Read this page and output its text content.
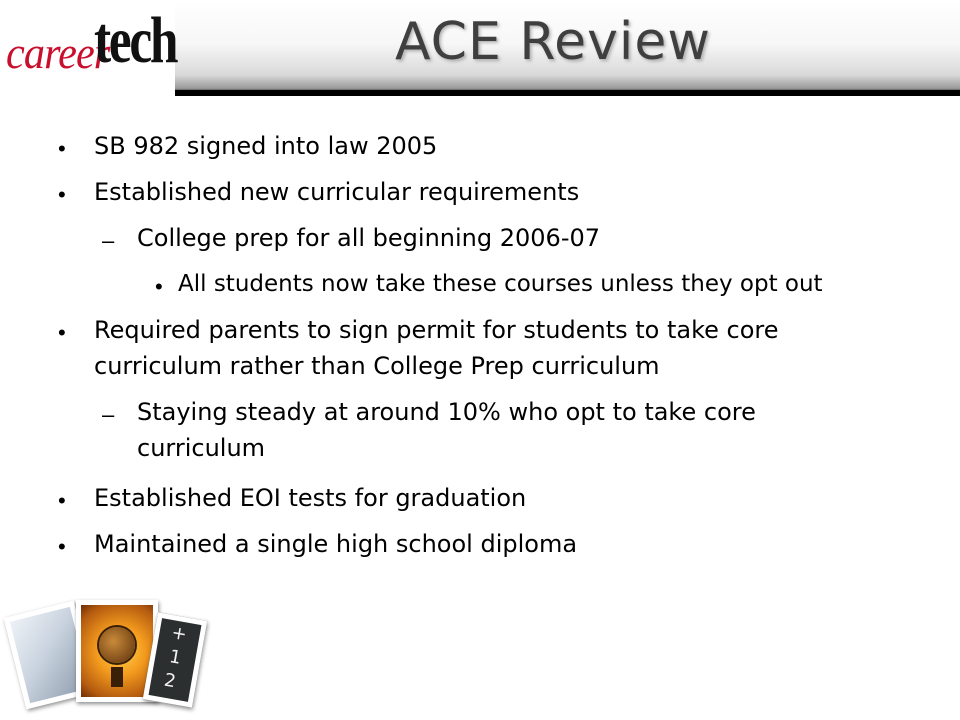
career
tech	ACE Review
• SB 982 signed into law 2005
• Established new curricular requirements
– College prep for all beginning 2006-07
• All students now take these courses unless they opt out
• Required parents to sign permit for students to take core curriculum rather than College Prep curriculum
– Staying steady at around 10% who opt to take core curriculum
• Established EOI tests for graduation
• Maintained a single high school diploma
+
1
2
